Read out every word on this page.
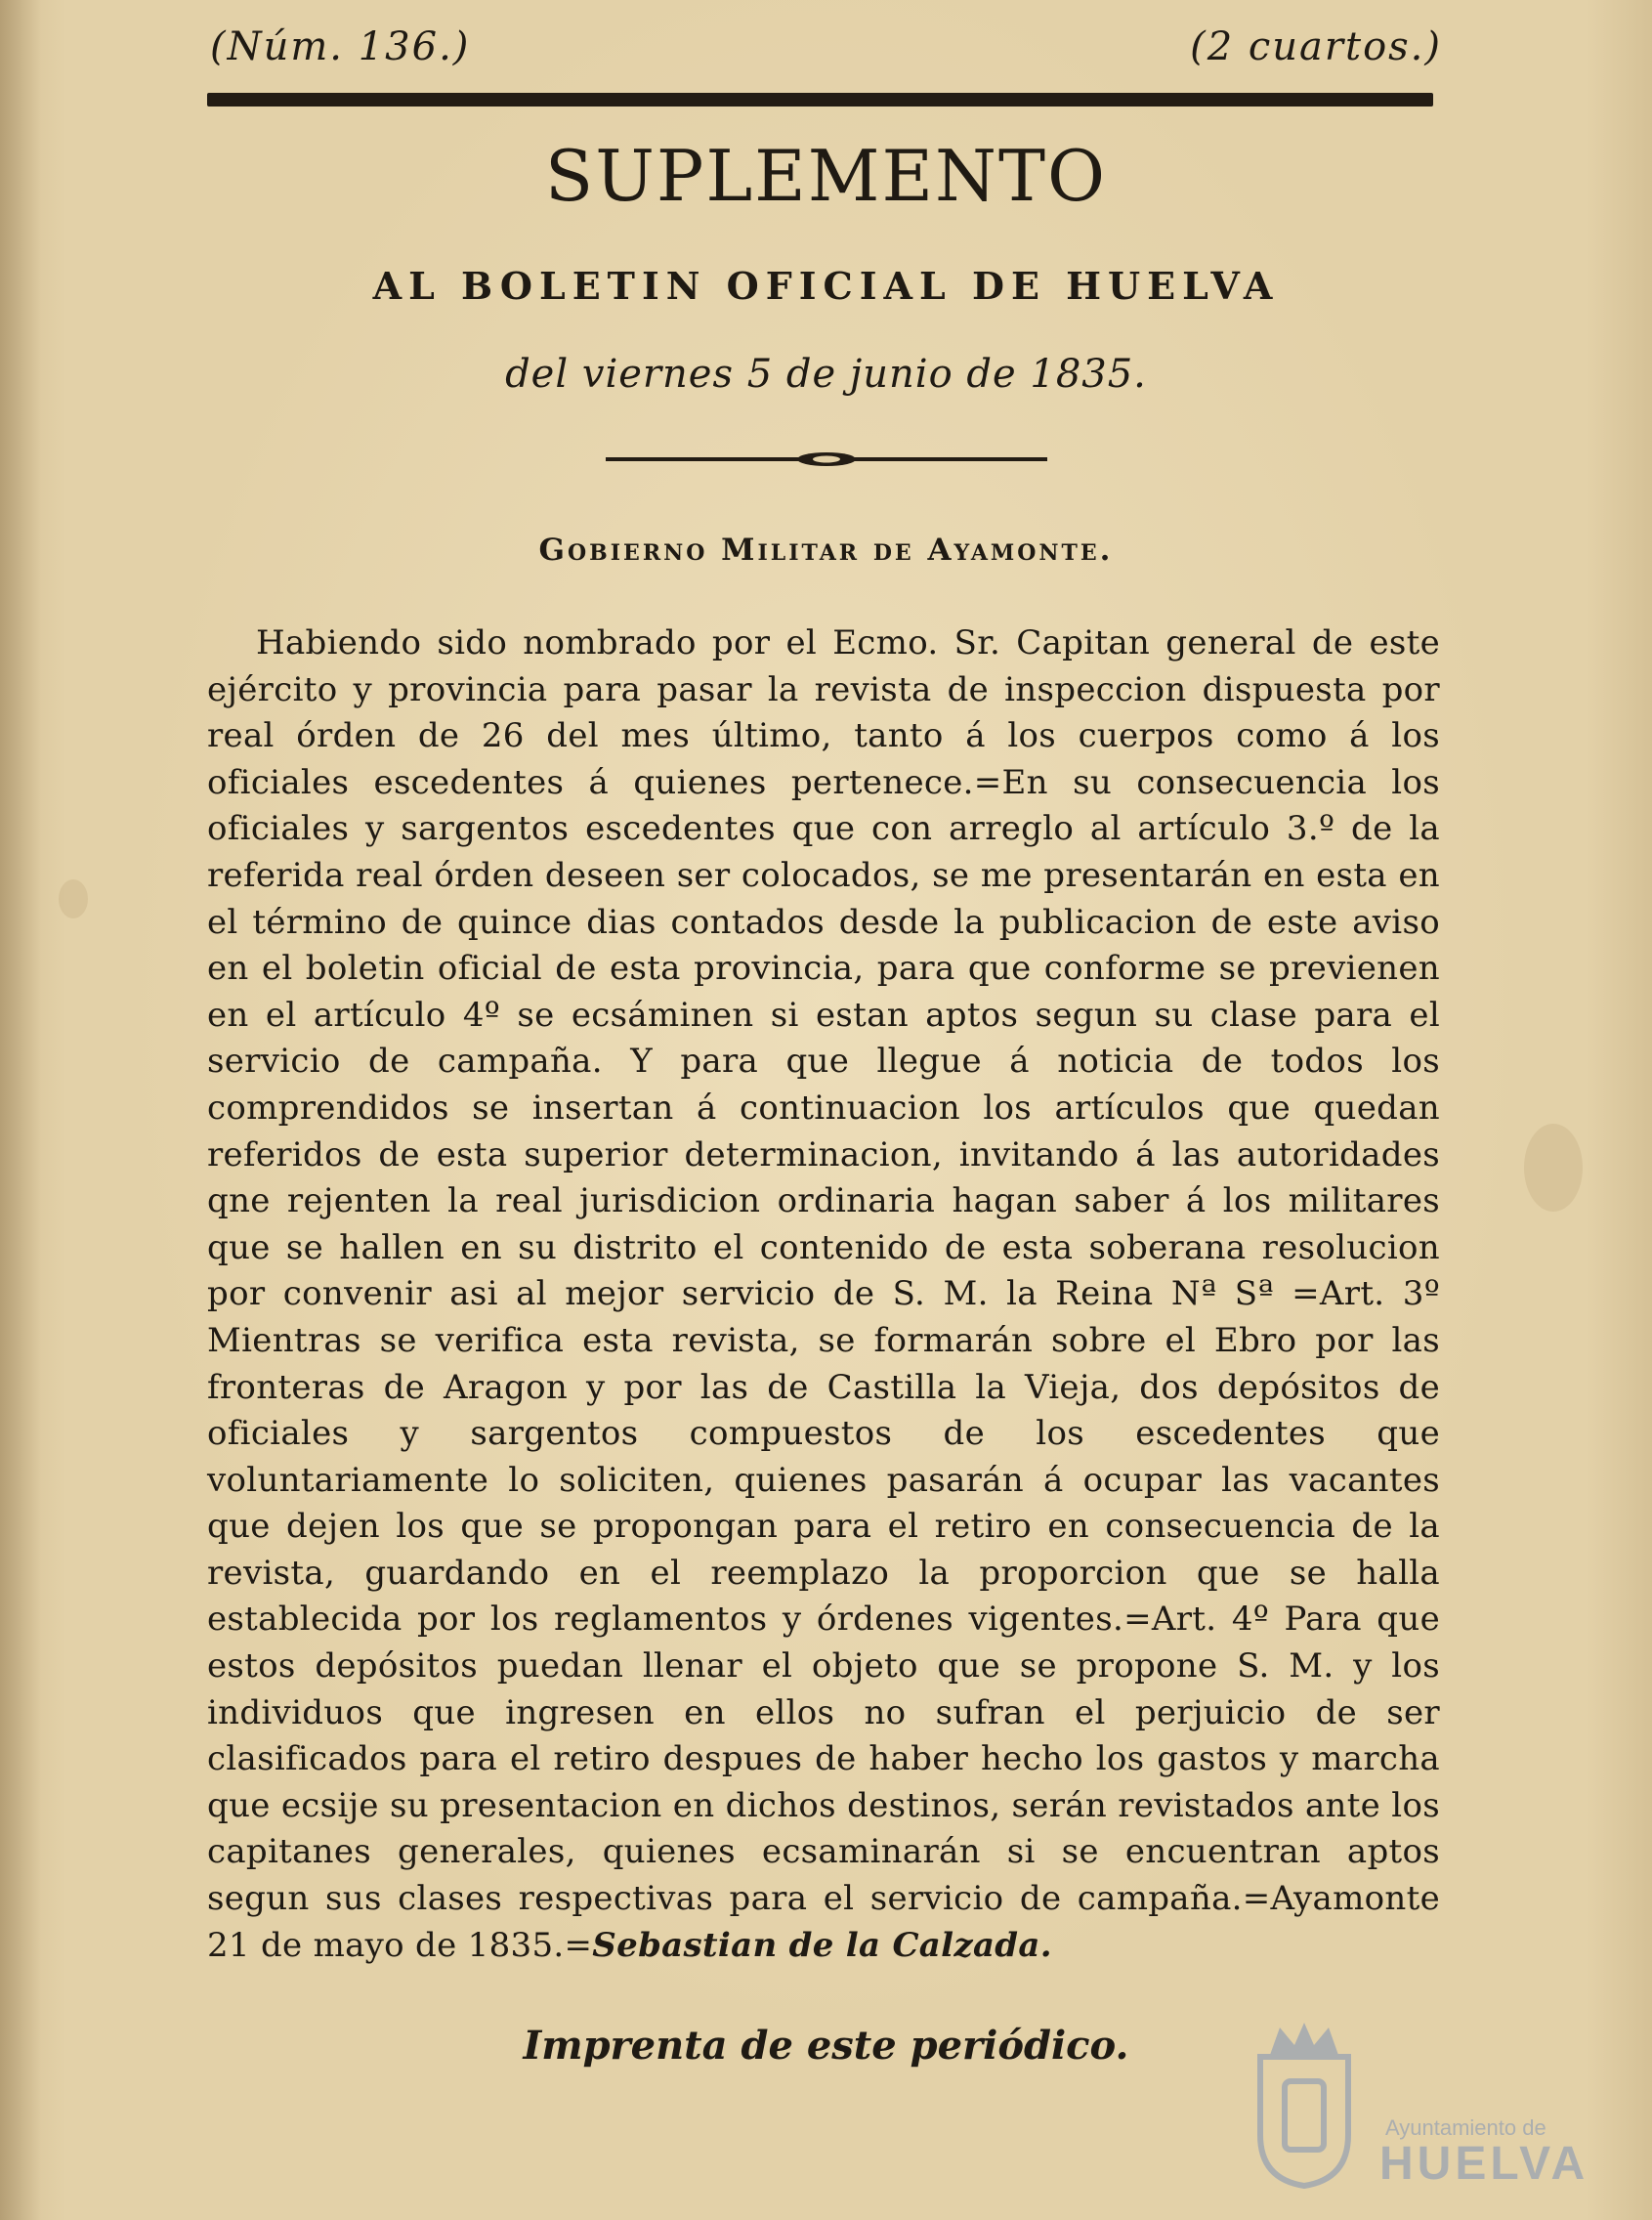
(Núm. 136.)	(2 cuartos.)
SUPLEMENTO
AL BOLETIN OFICIAL DE HUELVA
del viernes 5 de junio de 1835.
Gobierno Militar de Ayamonte.
Habiendo sido nombrado por el Ecmo. Sr. Capitan general de este ejército y provincia para pasar la revista de inspeccion dispuesta por real órden de 26 del mes último, tanto á los cuerpos como á los oficiales escedentes á quienes pertenece.=En su consecuencia los oficiales y sargentos escedentes que con arreglo al artículo 3.º de la referida real órden deseen ser colocados, se me presentarán en esta en el término de quince dias contados desde la publicacion de este aviso en el boletin oficial de esta provincia, para que conforme se previenen en el artículo 4º se ecsáminen si estan aptos segun su clase para el servicio de campaña. Y para que llegue á noticia de todos los comprendidos se insertan á continuacion los artículos que quedan referidos de esta superior determinacion, invitando á las autoridades qne rejenten la real jurisdicion ordinaria hagan saber á los militares que se hallen en su distrito el contenido de esta soberana resolucion por convenir asi al mejor servicio de S. M. la Reina Nª Sª =Art. 3º Mientras se verifica esta revista, se formarán sobre el Ebro por las fronteras de Aragon y por las de Castilla la Vieja, dos depósitos de oficiales y sargentos compuestos de los escedentes que voluntariamente lo soliciten, quienes pasarán á ocupar las vacantes que dejen los que se propongan para el retiro en consecuencia de la revista, guardando en el reemplazo la proporcion que se halla establecida por los reglamentos y órdenes vigentes.=Art. 4º Para que estos depósitos puedan llenar el objeto que se propone S. M. y los individuos que ingresen en ellos no sufran el perjuicio de ser clasificados para el retiro despues de haber hecho los gastos y marcha que ecsije su presentacion en dichos destinos, serán revistados ante los capitanes generales, quienes ecsaminarán si se encuentran aptos segun sus clases respectivas para el servicio de campaña.=Ayamonte 21 de mayo de 1835.=Sebastian de la Calzada.
Imprenta de este periódico.
Ayuntamiento de
HUELVA
